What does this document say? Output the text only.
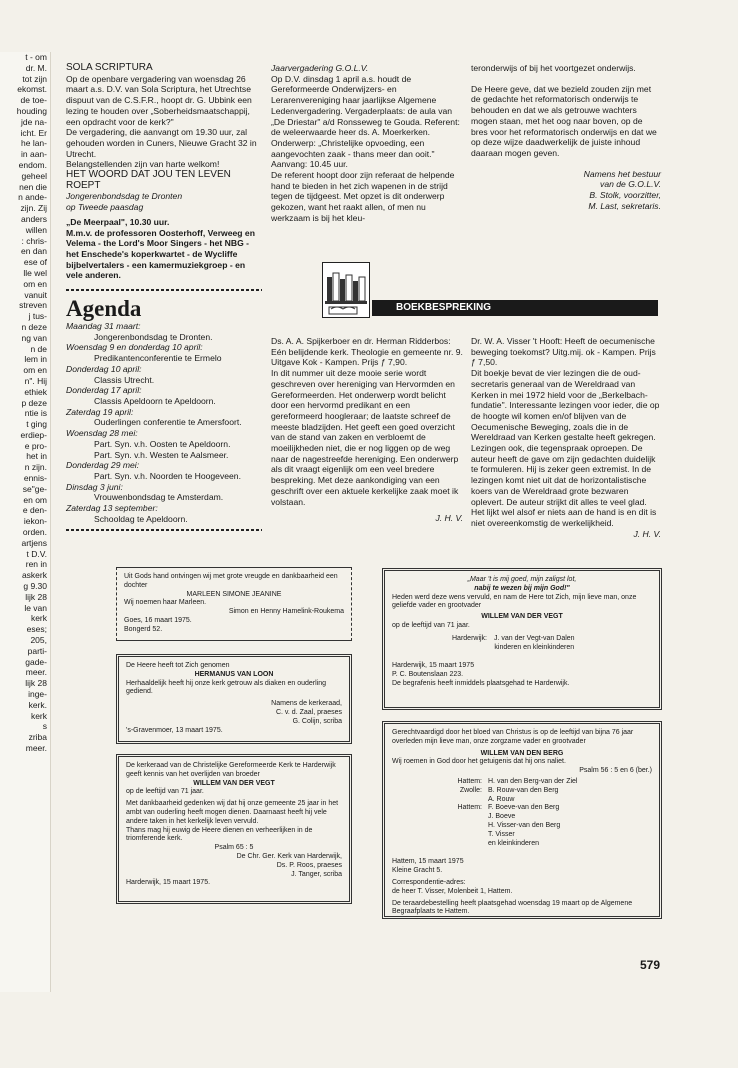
t - om
dr. M.
tot zijn
ekomst.
de toe-
houding
jde na-
icht. Er
he lan-
in aan-
endom.
geheel
nen die
n ande-
zijn. Zij
anders
willen
: chris-
en dan
ese of
lle wel
om en
vanuit
streven
j tus-
n deze
ng van
n de
lem in
om en
n". Hij
ethiek
p deze
ntie is
t ging
erdiep-
e pro-
het in
n zijn.
ennis-
se"ge-
en om
e den-
iekon-
orden.
artjens
t D.V.
ren in
askerk
g 9.30
lijk 28
le van
kerk
eses;
205,
parti-
gade-
meer.
lijk 28
inge-
kerk.
kerk
s
zriba
meer.

SOLA SCRIPTURA

Op de openbare vergadering van woensdag 26 maart a.s. D.V. van Sola Scriptura, het Utrechtse dispuut van de C.S.F.R., hoopt dr. G. Ubbink een lezing te houden over „Soberheidsmaatschappij, een opdracht voor de kerk?"

De vergadering, die aanvangt om 19.30 uur, zal gehouden worden in Cuners, Nieuwe Gracht 32 in Utrecht.

Belangstellenden zijn van harte welkom!

HET WOORD DAT JOU TEN LEVEN ROEPT

Jongerenbondsdag te Dronten

op Tweede paasdag

„De Meerpaal", 10.30 uur.

M.m.v. de professoren Oosterhoff, Verweeg en Velema - the Lord's Moor Singers - het NBG - het Enschede's koperkwartet - de Wycliffe bijbelvertalers - een kamermuziekgroep - en vele anderen.

Agenda

Maandag 31 maart:

Jongerenbondsdag te Dronten.

Woensdag 9 en donderdag 10 april:

Predikantenconferentie te Ermelo

Donderdag 10 april:

Classis Utrecht.

Donderdag 17 april:

Classis Apeldoorn te Apeldoorn.

Zaterdag 19 april:

Ouderlingen conferentie te Amersfoort.

Woensdag 28 mei:

Part. Syn. v.h. Oosten te Apeldoorn.

Part. Syn. v.h. Westen te Aalsmeer.

Donderdag 29 mei:

Part. Syn. v.h. Noorden te Hoogeveen.

Dinsdag 3 juni:

Vrouwenbondsdag te Amsterdam.

Zaterdag 13 september:

Schooldag te Apeldoorn.

Jaarvergadering G.O.L.V.

Op D.V. dinsdag 1 april a.s. houdt de Gereformeerde Onderwijzers- en Lerarenvereniging haar jaarlijkse Algemene Ledenvergadering. Vergaderplaats: de aula van „De Driestar" a/d Ronsseweg te Gouda. Referent: de weleerwaarde heer ds. A. Moerkerken.

Onderwerp: „Christelijke opvoeding, een aangevochten zaak - thans meer dan ooit."

Aanvang: 10.45 uur.

De referent hoopt door zijn referaat de helpende hand te bieden in het zich wapenen in de strijd tegen de tijdgeest. Met opzet is dit onderwerp gekozen, want het raakt allen, of men nu werkzaam is bij het kleu-

teronderwijs of bij het voortgezet onderwijs.

De Heere geve, dat we bezield zouden zijn met de gedachte het reformatorisch onderwijs te behouden en dat we als getrouwe wachters mogen staan, met het oog naar boven, op de bres voor het reformatorisch onderwijs en dat we op deze wijze daadwerkelijk de juiste inhoud daaraan mogen geven.

Namens het bestuur

van de G.O.L.V.

B. Stolk, voorzitter,

M. Last, sekretaris.

BOEKBESPREKING

Ds. A. A. Spijkerboer en dr. Herman Ridderbos: Eén belijdende kerk. Theologie en gemeente nr. 9. Uitgave Kok - Kampen. Prijs ƒ 7,90.

In dit nummer uit deze mooie serie wordt geschreven over hereniging van Hervormden en Gereformeerden. Het onderwerp wordt belicht door een hervormd predikant en een gereformeerd hoogleraar; de laatste schreef de meeste bladzijden. Het geeft een goed overzicht van de stand van zaken en verbloemt de moeilijkheden niet, die er nog liggen op de weg naar de nagestreefde hereniging. Een onderwerp als dit vraagt eigenlijk om een veel bredere bespreking. Met deze aankondiging van een geschrift over een aktuele kerkelijke zaak moet ik volstaan.

J. H. V.

Dr. W. A. Visser 't Hooft: Heeft de oecumenische beweging toekomst? Uitg.mij. ok - Kampen. Prijs ƒ 7,50.

Dit boekje bevat de vier lezingen die de oud-secretaris generaal van de Wereldraad van Kerken in mei 1972 hield voor de „Berkelbach-fundatie". Interessante lezingen voor ieder, die op de hoogte wil komen en/of blijven van de Oecumenische Beweging, zoals die in de Wereldraad van Kerken gestalte heeft gekregen. Lezingen ook, die tegenspraak oproepen. De auteur heeft de gave om zijn gedachten duidelijk te formuleren. Hij is zeker geen extremist. In de lezingen komt niet uit dat de horizontalistische koers van de Wereldraad grote bezwaren oplevert. De auteur strijkt dit alles te veel glad. Het lijkt wel alsof er niets aan de hand is en dit is niet overeenkomstig de werkelijkheid.

J. H. V.

Uit Gods hand ontvingen wij met grote vreugde en dankbaarheid een dochter

MARLEEN SIMONE JEANINE

Wij noemen haar Marleen.

Simon en Henny Hamelink-Roukema

Goes, 16 maart 1975.

Bongerd 52.

De Heere heeft tot Zich genomen

HERMANUS VAN LOON

Herhaaldelijk heeft hij onze kerk getrouw als diaken en ouderling gediend.

Namens de kerkeraad,

C. v. d. Zaal, praeses

G. Colijn, scriba

's-Gravenmoer, 13 maart 1975.

De kerkeraad van de Christelijke Gereformeerde Kerk te Harderwijk geeft kennis van het overlijden van broeder

WILLEM VAN DER VEGT

op de leeftijd van 71 jaar.

Met dankbaarheid gedenken wij dat hij onze gemeente 25 jaar in het ambt van ouderling heeft mogen dienen. Daarnaast heeft hij vele andere taken in het kerkelijk leven vervuld.

Thans mag hij euwig de Heere dienen en verheerlijken in de triomferende kerk.

Psalm 65 : 5

De Chr. Ger. Kerk van Harderwijk,

Ds. P. Roos, praeses

J. Tanger, scriba

Harderwijk, 15 maart 1975.

„Maar 't is mij goed, mijn zaligst lot,

nabij te wezen bij mijn God!"

Heden werd deze wens vervuld, en nam de Here tot Zich, mijn lieve man, onze geliefde vader en grootvader

WILLEM VAN DER VEGT

op de leeftijd van 71 jaar.

Harderwijk: J. van der Vegt-van Dalen

kinderen en kleinkinderen

Harderwijk, 15 maart 1975

P. C. Boutenslaan 223.

De begrafenis heeft inmiddels plaatsgehad te Harderwijk.

Gerechtvaardigd door het bloed van Christus is op de leeftijd van bijna 76 jaar overleden mijn lieve man, onze zorgzame vader en grootvader

WILLEM VAN DEN BERG

Wij roemen in God door het getuigenis dat hij ons naliet.

Psalm 56 : 5 en 6 (ber.)

Hattem: H. van den Berg-van der Ziel
Zwolle: B. Rouw-van den Berg
A. Rouw
Hattem: F. Boeve-van den Berg
J. Boeve
H. Visser-van den Berg
T. Visser
en kleinkinderen

Hattem, 15 maart 1975

Kleine Gracht 5.

Correspondentie-adres:

de heer T. Visser, Molenbeit 1, Hattem.

De teraardebestelling heeft plaatsgehad woensdag 19 maart op de Algemene Begraafplaats te Hattem.

579
